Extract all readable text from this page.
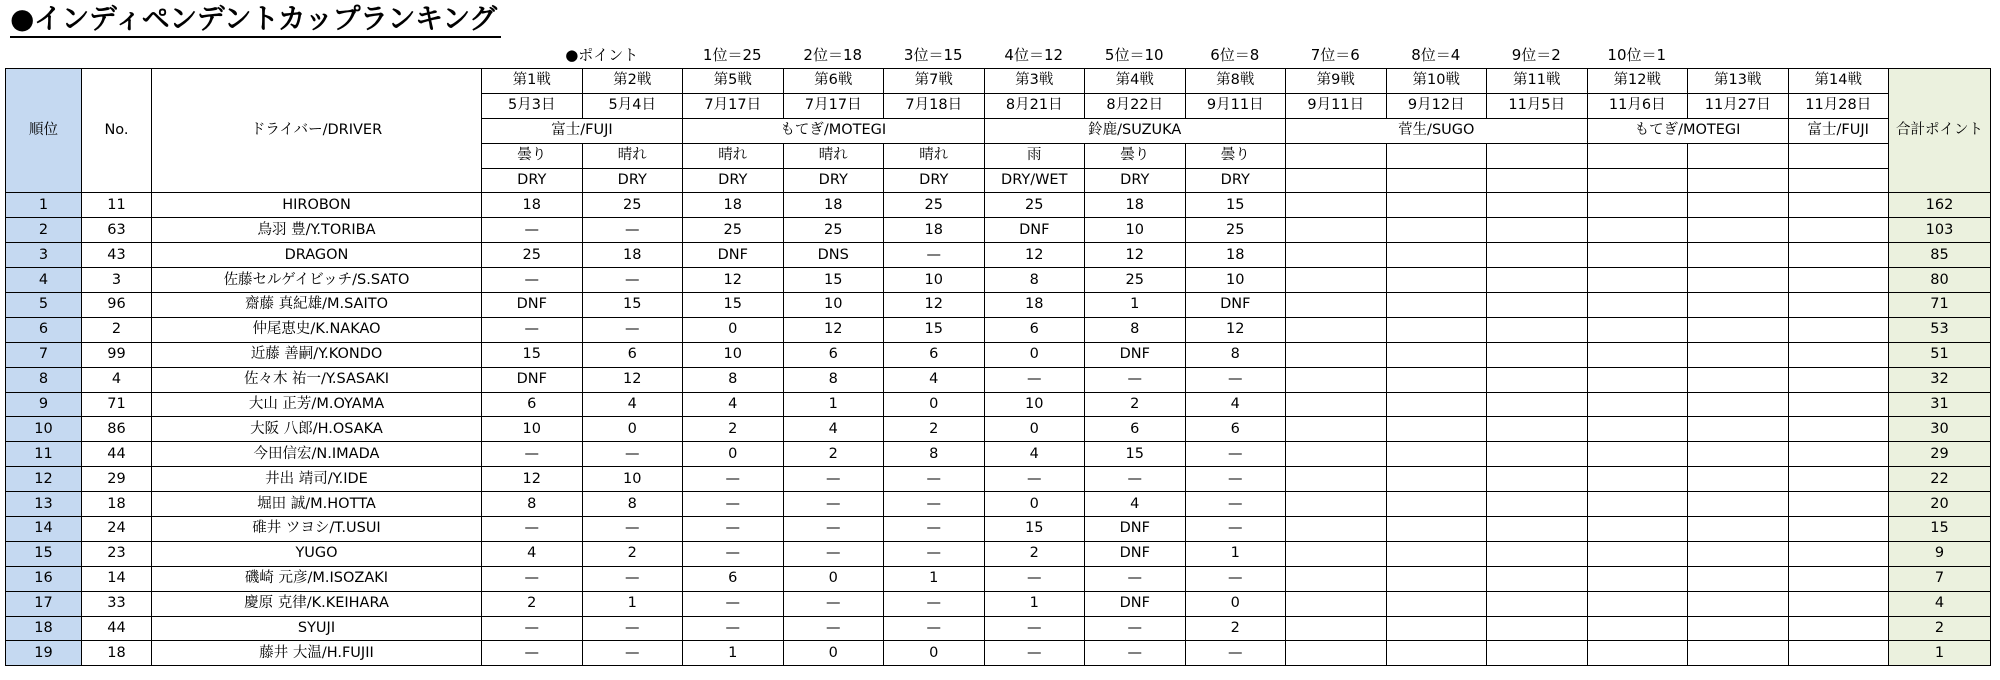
●インディペンデントカップランキング
●ポイント	1位＝25	2位＝18	3位＝15	4位＝12	5位＝10	6位＝8	7位＝6	8位＝4	9位＝2	10位＝1
順位	No.	ドライバー/DRIVER	第1戦	第2戦	第5戦	第6戦	第7戦	第3戦	第4戦	第8戦	第9戦	第10戦	第11戦	第12戦	第13戦	第14戦	合計ポイント
			5月3日	5月4日	7月17日	7月17日	7月18日	8月21日	8月22日	9月11日	9月11日	9月12日	11月5日	11月6日	11月27日	11月28日	
			富士/FUJI		もてぎ/MOTEGI			鈴鹿/SUZUKA			菅生/SUGO			もてぎ/MOTEGI		富士/FUJI	
			曇り	晴れ	晴れ	晴れ	晴れ	雨	曇り	曇り							
			DRY	DRY	DRY	DRY	DRY	DRY/WET	DRY	DRY							
1	11	HIROBON	18	25	18	18	25	25	18	15							162
2	63	鳥羽 豊/Y.TORIBA	—	—	25	25	18	DNF	10	25							103
3	43	DRAGON	25	18	DNF	DNS	—	12	12	18							85
4	3	佐藤セルゲイビッチ/S.SATO	—	—	12	15	10	8	25	10							80
5	96	齋藤 真紀雄/M.SAITO	DNF	15	15	10	12	18	1	DNF							71
6	2	仲尾恵史/K.NAKAO	—	—	0	12	15	6	8	12							53
7	99	近藤 善嗣/Y.KONDO	15	6	10	6	6	0	DNF	8							51
8	4	佐々木 祐一/Y.SASAKI	DNF	12	8	8	4	—	—	—							32
9	71	大山 正芳/M.OYAMA	6	4	4	1	0	10	2	4							31
10	86	大阪 八郎/H.OSAKA	10	0	2	4	2	0	6	6							30
11	44	今田信宏/N.IMADA	—	—	0	2	8	4	15	—							29
12	29	井出 靖司/Y.IDE	12	10	—	—	—	—	—	—							22
13	18	堀田 誠/M.HOTTA	8	8	—	—	—	0	4	—							20
14	24	碓井 ツヨシ/T.USUI	—	—	—	—	—	15	DNF	—							15
15	23	YUGO	4	2	—	—	—	2	DNF	1							9
16	14	磯崎 元彦/M.ISOZAKI	—	—	6	0	1	—	—	—							7
17	33	慶原 克律/K.KEIHARA	2	1	—	—	—	1	DNF	0							4
18	44	SYUJI	—	—	—	—	—	—	—	2							2
19	18	藤井 大温/H.FUJII	—	—	1	0	0	—	—	—							1
